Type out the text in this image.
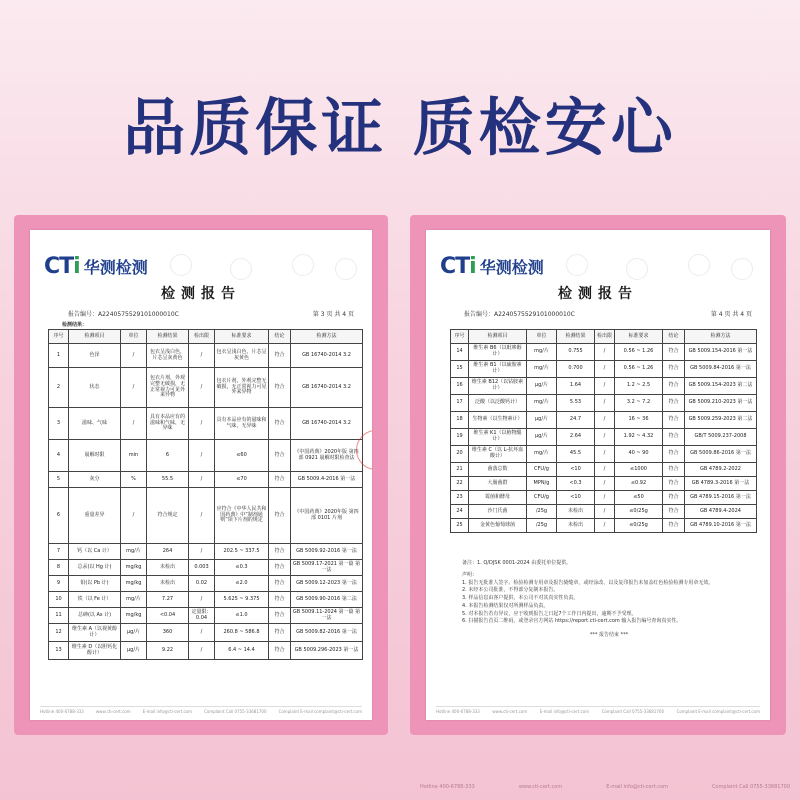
品质保证 质检安心
CTi 华测检测
检测报告
报告编号：A2240575529101000010C	第 3 页 共 4 页
检测结果：
序号	检测项目	单位	检测结果	检出限	标准要求	结论	检测方法
1	色泽	/	包衣呈浅白色，片芯呈灰黄色	/	包衣呈浅白色，片芯呈灰黄色	符合	GB 16740-2014 3.2
2	状态	/	包衣片剂，外观完整无破损，无正常视力可见外来异物	/	包衣片剂，外观完整无破损，无正常视力可见外来异物	符合	GB 16740-2014 3.2
3	滋味、气味	/	具有本品应有的滋味和气味，无异味	/	具有本品应有的滋味和气味，无异味	符合	GB 16740-2014 3.2
4	崩解时限	min	6	/	≤60	符合	《中国药典》2020年版 第四部 0921 崩解时限检查法
5	灰分	%	55.5	/	≤70	符合	GB 5009.4-2016 第一法
6	重量差异	/	符合规定	/	应符合《中华人民共和国药典》中“制剂通则”项下片剂的规定	符合	《中国药典》2020年版 第四部 0101 片剂
7	钙（以 Ca 计）	mg/片	264	/	202.5 ~ 337.5	符合	GB 5009.92-2016 第一法
8	总汞(以 Hg 计)	mg/kg	未检出	0.003	≤0.3	符合	GB 5009.17-2021 第一篇 第一法
9	铅(以 Pb 计)	mg/kg	未检出	0.02	≤2.0	符合	GB 5009.12-2023 第一法
10	铁（以 Fe 计）	mg/片	7.27	/	5.625 ~ 9.375	符合	GB 5009.90-2016 第二法
11	总砷(以 As 计)	mg/kg	<0.04	定量限：0.04	≤1.0	符合	GB 5009.11-2024 第一篇 第一法
12	维生素 A（以视黄醇计）	μg/片	360	/	260.8 ~ 586.8	符合	GB 5009.82-2016 第一法
13	维生素 D（以胆钙化醇计）	μg/片	9.22	/	6.4 ~ 14.4	符合	GB 5009.296-2023 第一法
Hotline 400-6788-333	www.cti-cert.com	E-mail info@cti-cert.com	Complaint Call 0755-33681700	Complaint E-mail complaint@cti-cert.com
CTi 华测检测
检测报告
报告编号：A2240575529101000010C	第 4 页 共 4 页
序号	检测项目	单位	检测结果	检出限	标准要求	结论	检测方法
14	维生素 B6（以吡哆醇计）	mg/片	0.755	/	0.56 ~ 1.26	符合	GB 5009.154-2016 第一法
15	维生素 B1（以硫胺素计）	mg/片	0.700	/	0.56 ~ 1.26	符合	GB 5009.84-2016 第一法
16	维生素 B12（以钴胺素计）	μg/片	1.64	/	1.2 ~ 2.5	符合	GB 5009.154-2023 第二法
17	泛酸（以泛酸钙计）	mg/片	5.53	/	3.2 ~ 7.2	符合	GB 5009.210-2023 第一法
18	生物素（以生物素计）	μg/片	24.7	/	16 ~ 36	符合	GB 5009.259-2023 第二法
19	维生素 K1（以植物醌计）	μg/片	2.64	/	1.92 ~ 4.32	符合	GB/T 5009.237-2008
20	维生素 C（以 L-抗坏血酸计）	mg/片	45.5	/	40 ~ 90	符合	GB 5009.86-2016 第一法
21	菌落总数	CFU/g	<10	/	≤1000	符合	GB 4789.2-2022
22	大肠菌群	MPN/g	<0.3	/	≤0.92	符合	GB 4789.3-2016 第一法
23	霉菌和酵母	CFU/g	<10	/	≤50	符合	GB 4789.15-2016 第一法
24	沙门氏菌	/25g	未检出	/	≤0/25g	符合	GB 4789.4-2024
25	金黄色葡萄球菌	/25g	未检出	/	≤0/25g	符合	GB 4789.10-2016 第一法
备注：1. Q/DJSK 0001-2024 由委托单位提供。
声明：
1. 报告无批准人签字、检验检测专用章及报告骑缝章，或经涂改、以及复印报告未加盖红色检验检测专用章无效。
2. 未经本公司批准，不得部分复制本报告。
3. 样品信息由客户提供，本公司不对其真实性负责。
4. 本报告检测结果仅对所测样品负责。
5. 对本报告若有异议，应于收到报告之日起7个工作日内提出，逾期不予受理。
6. 扫描报告首页二维码，或登录官方网站 https://report.cti-cert.com 输入报告编号查询真实性。
*** 报告结束 ***
Hotline 400-6788-333	www.cti-cert.com	E-mail info@cti-cert.com	Complaint Call 0755-33681700	Complaint E-mail complaint@cti-cert.com
Hotline 400-6788-333	www.cti-cert.com	E-mail info@cti-cert.com	Complaint Call 0755-33681700
